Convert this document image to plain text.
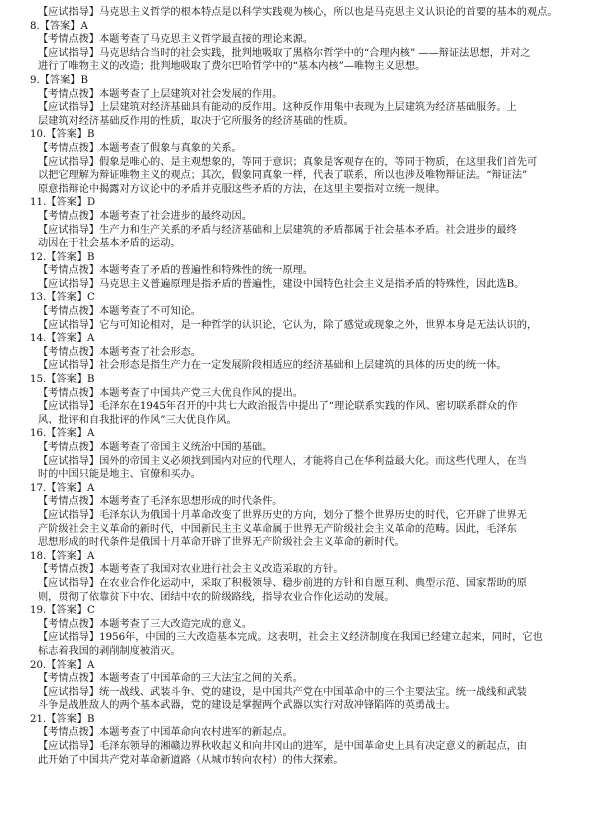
【应试指导】马克思主义哲学的根本特点是以科学实践观为核心，所以也是马克思主义认识论的首要的基本的观点。
8.【答案】A
【考情点拨】本题考查了马克思主义哲学最直接的理论来源。
【应试指导】马克思结合当时的社会实践，批判地吸取了黑格尔哲学中的“合理内核” ——辩证法思想，并对之
进行了唯物主义的改造；批判地吸取了费尔巴哈哲学中的“基本内核”—唯物主义思想。
9.【答案】B
【考情点拨】本题考查了上层建筑对社会发展的作用。
【应试指导】上层建筑对经济基础具有能动的反作用。这种反作用集中表现为上层建筑为经济基础服务。上
层建筑对经济基础反作用的性质，取决于它所服务的经济基础的性质。
10.【答案】B
【考情点拨】本题考查了假象与真象的关系。
【应试指导】假象是唯心的、是主观想象的，等同于意识；真象是客观存在的，等同于物质，在这里我们首先可
以把它理解为辩证唯物主义的观点；其次，假象同真象一样，代表了联系，所以也涉及唯物辩证法。“辩证法”
原意指辩论中揭露对方议论中的矛盾并克服这些矛盾的方法，在这里主要指对立统一规律。
11.【答案】D
【考情点拨】本题考查了社会进步的最终动因。
【应试指导】生产力和生产关系的矛盾与经济基础和上层建筑的矛盾都属于社会基本矛盾。社会进步的最终
动因在于社会基本矛盾的运动。
12.【答案】B
【考情点拨】本题考查了矛盾的普遍性和特殊性的统一原理。
【应试指导】马克思主义普遍原理是指矛盾的普遍性，建设中国特色社会主义是指矛盾的特殊性，因此选B。
13.【答案】C
【考情点拨】本题考查了不可知论。
【应试指导】它与可知论相对，是一种哲学的认识论，它认为，除了感觉或现象之外，世界本身是无法认识的，
14.【答案】A
【考情点拨】本题考查了社会形态。
【应试指导】社会形态是指生产力在一定发展阶段相适应的经济基础和上层建筑的具体的历史的统一体。
15.【答案】B
【考情点拨】本题考查了中国共产党三大优良作风的提出。
【应试指导】毛泽东在1945年召开的中共七大政治报告中提出了“理论联系实践的作风、密切联系群众的作
风、批评和自我批评的作风”三大优良作风。
16.【答案】A
【考情点拨】本题考查了帝国主义统治中国的基础。
【应试指导】国外的帝国主义必须找到国内对应的代理人，才能将自己在华利益最大化。而这些代理人，在当
时的中国只能是地主、官僚和买办。
17.【答案】A
【考情点拨】本题考查了毛泽东思想形成的时代条件。
【应试指导】毛泽东认为俄国十月革命改变了世界历史的方向，划分了整个世界历史的时代，它开辟了世界无
产阶级社会主义革命的新时代，中国新民主主义革命属于世界无产阶级社会主义革命的范畴。因此，毛泽东
思想形成的时代条件是俄国十月革命开辟了世界无产阶级社会主义革命的新时代。
18.【答案】A
【考情点拨】本题考查了我国对农业进行社会主义改造采取的方针。
【应试指导】在农业合作化运动中，采取了积极领导、稳步前进的方针和自愿互利、典型示范、国家帮助的原
则，贯彻了依靠贫下中农、团结中农的阶级路线，指导农业合作化运动的发展。
19.【答案】C
【考情点拨】本题考查了三大改造完成的意义。
【应试指导】1956年，中国的三大改造基本完成。这表明，社会主义经济制度在我国已经建立起来，同时，它也
标志着我国的剥削制度被消灭。
20.【答案】A
【考情点拨】本题考查了中国革命的三大法宝之间的关系。
【应试指导】统一战线、武装斗争、党的建设，是中国共产党在中国革命中的三个主要法宝。统一战线和武装
斗争是战胜敌人的两个基本武器，党的建设是掌握两个武器以实行对敌冲锋陷阵的英勇战士。
21.【答案】B
【考情点拨】本题考查了中国革命向农村进军的新起点。
【应试指导】毛泽东领导的湘赣边界秋收起义和向井冈山的进军，是中国革命史上具有决定意义的新起点，由
此开始了中国共产党对革命新道路（从城市转向农村）的伟大探索。
